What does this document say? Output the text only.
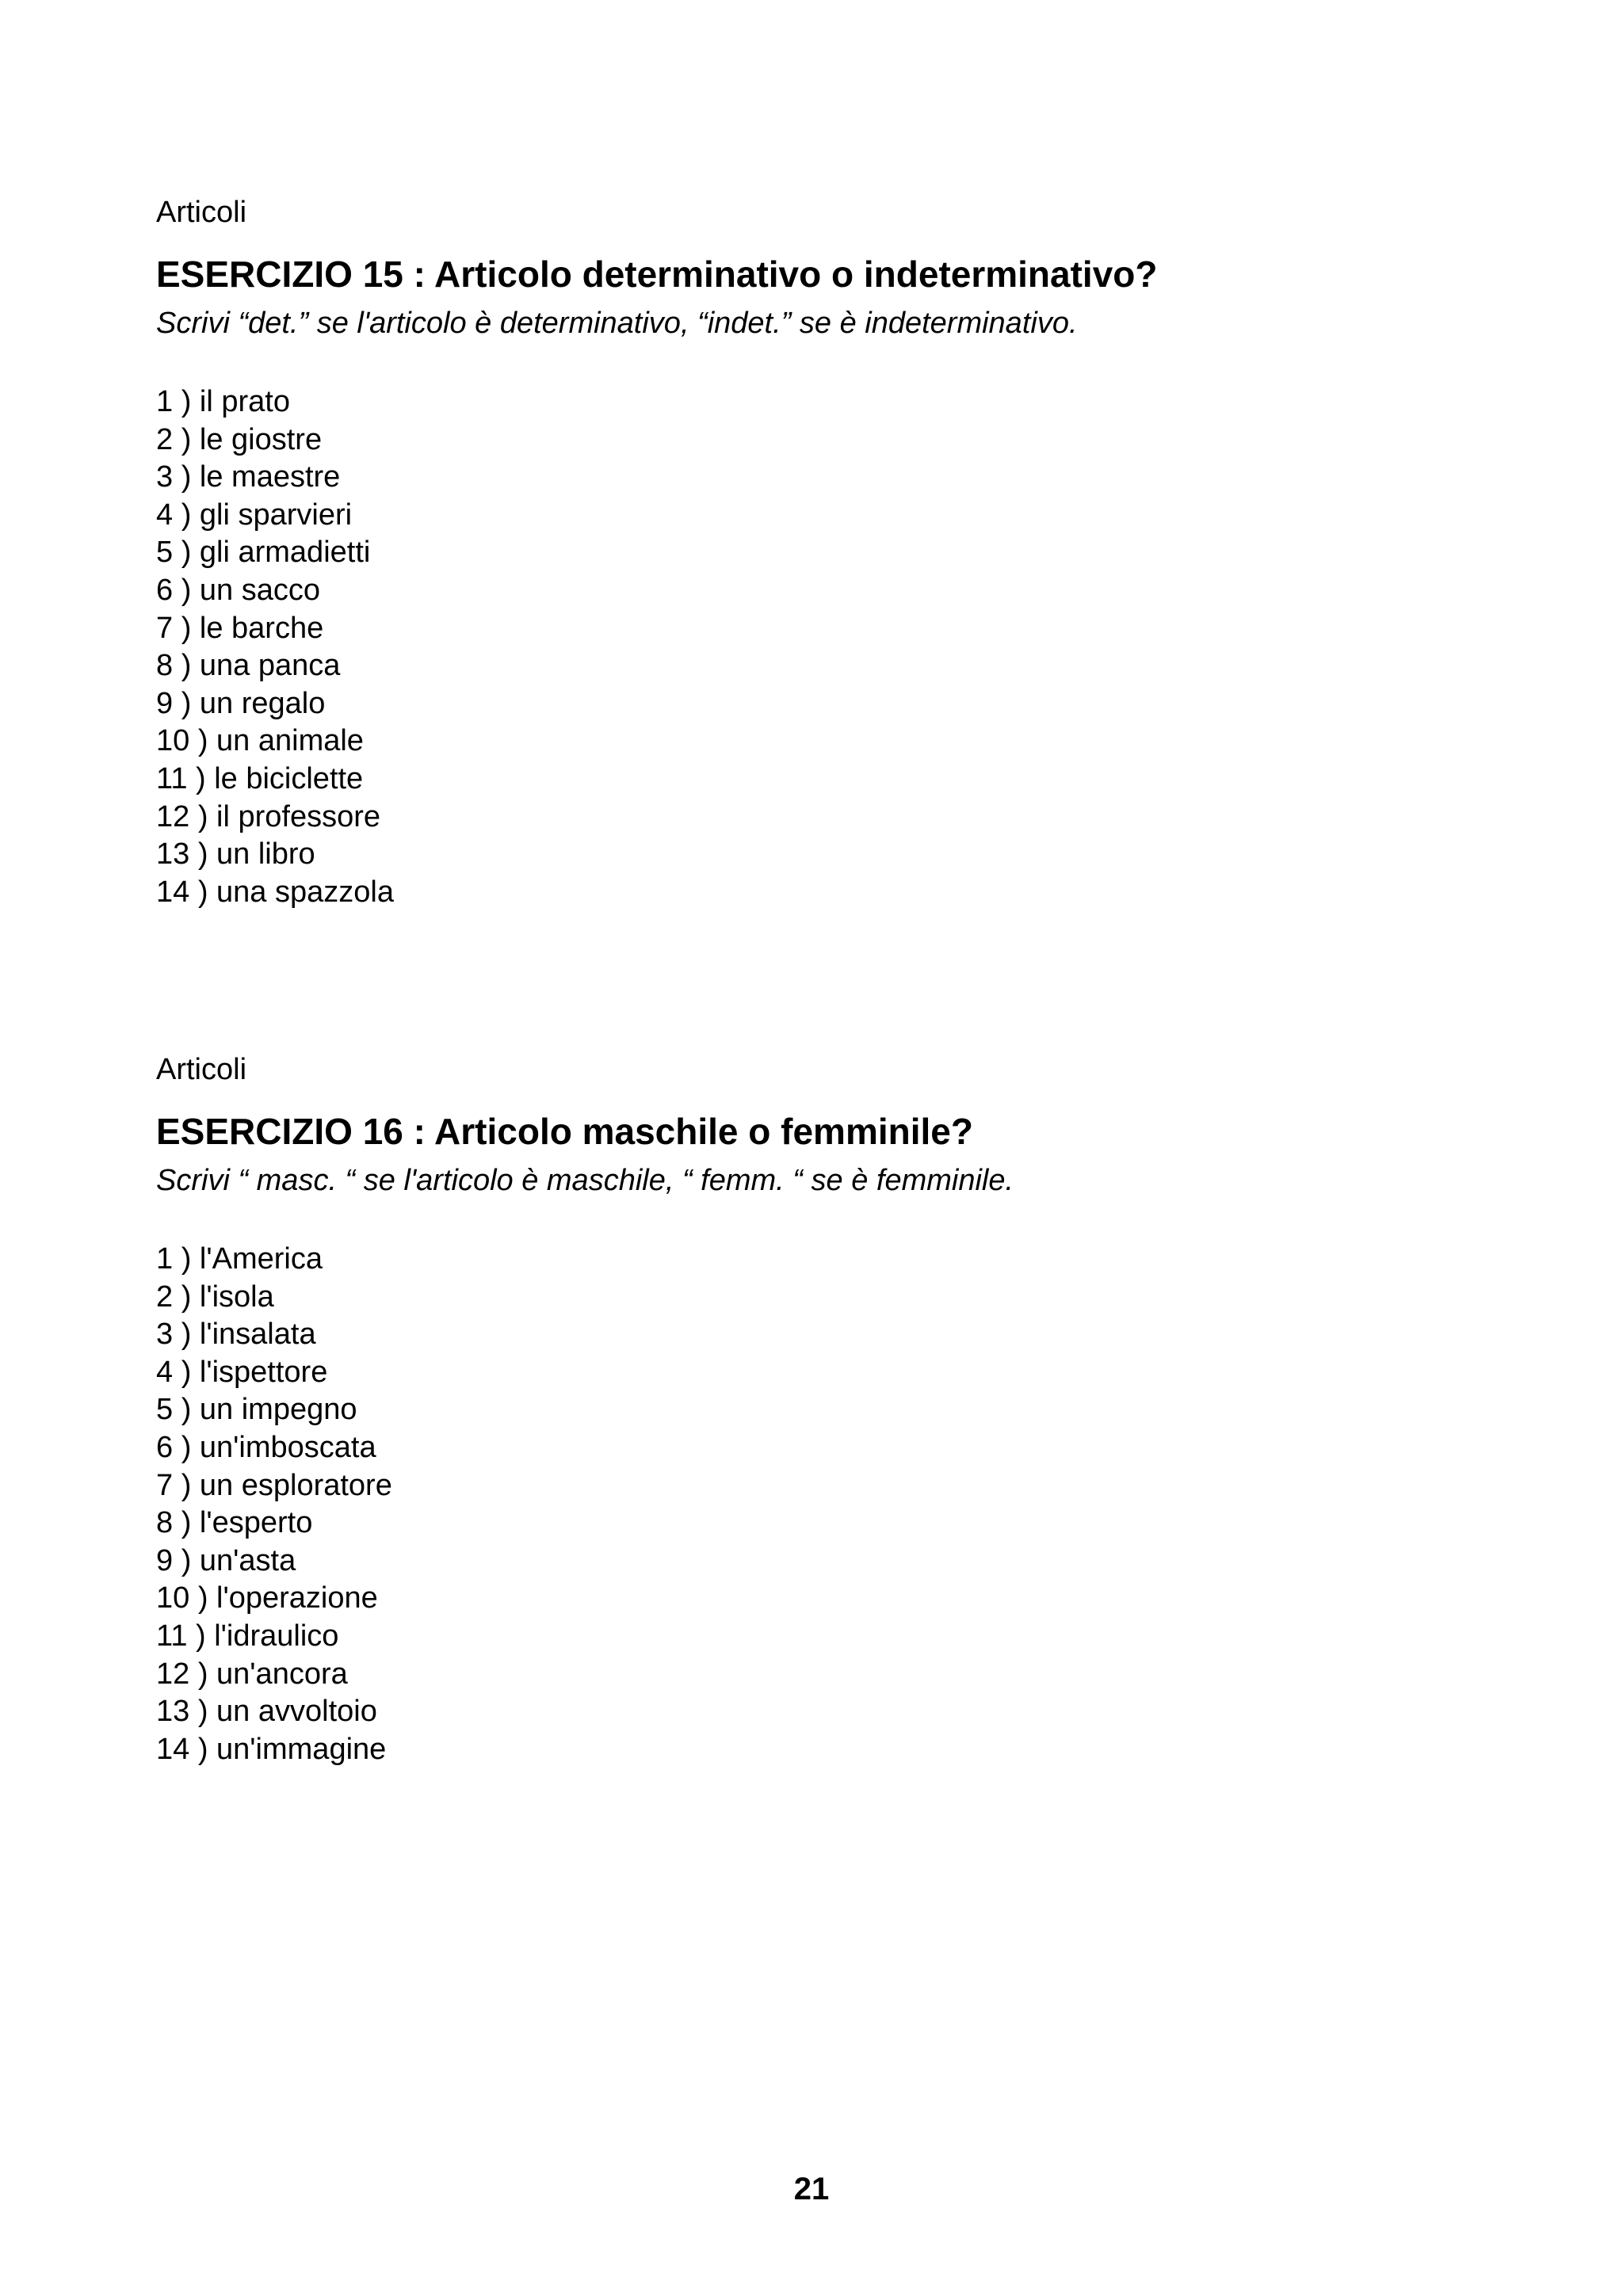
Articoli

ESERCIZIO 15 : Articolo determinativo o indeterminativo?

Scrivi “det.” se l'articolo è determinativo, “indet.” se è indeterminativo.

1 ) il prato
2 ) le giostre
3 ) le maestre
4 ) gli sparvieri
5 ) gli armadietti
6 ) un sacco
7 ) le barche
8 ) una panca
9 ) un regalo
10 ) un animale
11 ) le biciclette
12 ) il professore
13 ) un libro
14 ) una spazzola

Articoli

ESERCIZIO 16 : Articolo maschile o femminile?

Scrivi “ masc. “ se l'articolo è maschile, “ femm. “ se è femminile.

1 ) l'America
2 ) l'isola
3 ) l'insalata
4 ) l'ispettore
5 ) un impegno
6 ) un'imboscata
7 ) un esploratore
8 ) l'esperto
9 ) un'asta
10 ) l'operazione
11 ) l'idraulico
12 ) un'ancora
13 ) un avvoltoio
14 ) un'immagine
21
